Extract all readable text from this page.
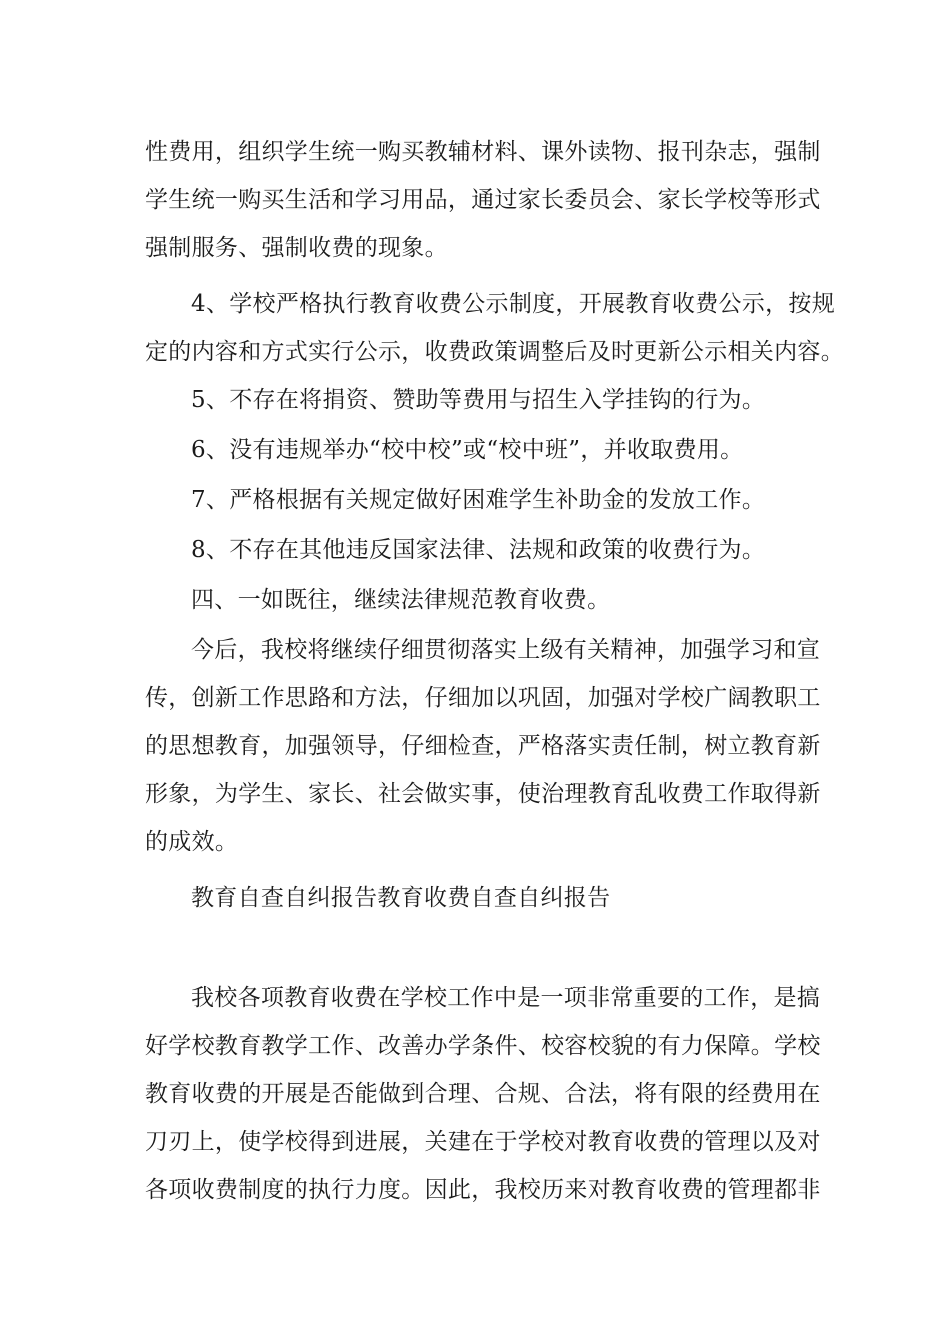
性费用，组织学生统一购买教辅材料、课外读物、报刊杂志，强制
学生统一购买生活和学习用品，通过家长委员会、家长学校等形式
强制服务、强制收费的现象。
4、学校严格执行教育收费公示制度，开展教育收费公示，按规
定的内容和方式实行公示，收费政策调整后及时更新公示相关内容。
5、不存在将捐资、赞助等费用与招生入学挂钩的行为。
6、没有违规举办“校中校”或“校中班”，并收取费用。
7、严格根据有关规定做好困难学生补助金的发放工作。
8、不存在其他违反国家法律、法规和政策的收费行为。
四、一如既往，继续法律规范教育收费。
今后，我校将继续仔细贯彻落实上级有关精神，加强学习和宣
传，创新工作思路和方法，仔细加以巩固，加强对学校广阔教职工
的思想教育，加强领导，仔细检查，严格落实责任制，树立教育新
形象，为学生、家长、社会做实事，使治理教育乱收费工作取得新
的成效。
教育自查自纠报告教育收费自查自纠报告
我校各项教育收费在学校工作中是一项非常重要的工作，是搞
好学校教育教学工作、改善办学条件、校容校貌的有力保障。学校
教育收费的开展是否能做到合理、合规、合法，将有限的经费用在
刀刃上，使学校得到进展，关建在于学校对教育收费的管理以及对
各项收费制度的执行力度。因此，我校历来对教育收费的管理都非
